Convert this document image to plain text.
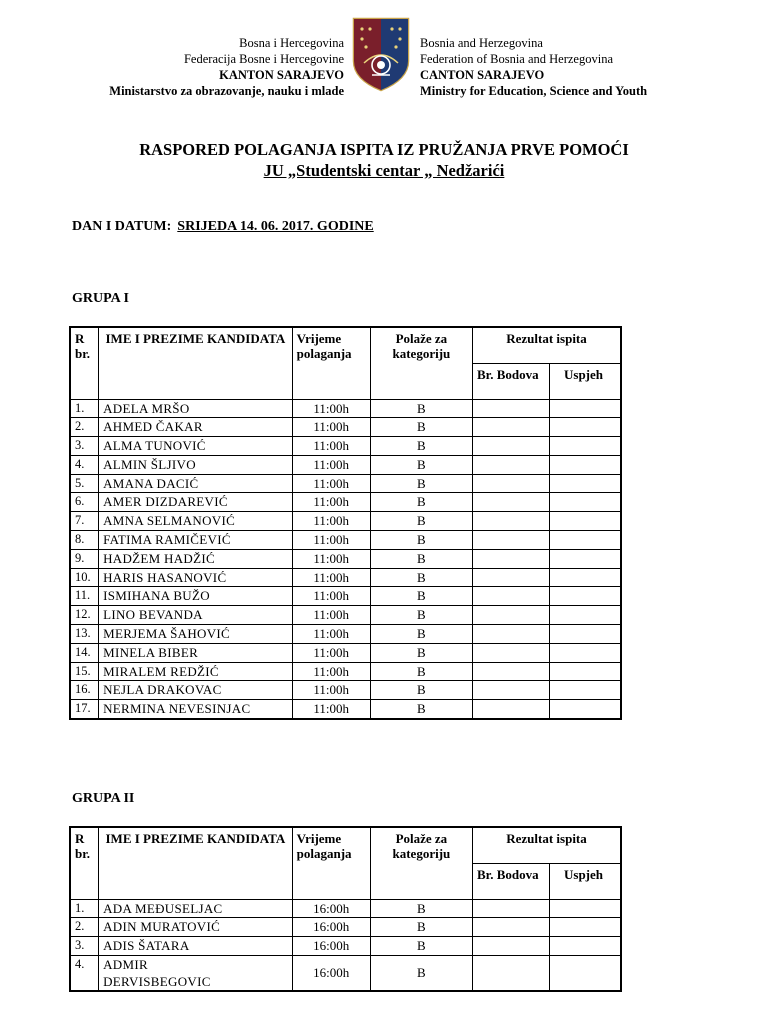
Bosna i Hercegovina
Federacija Bosne i Hercegovine
KANTON SARAJEVO
Ministarstvo za obrazovanje, nauku i mlade
Bosnia and Herzegovina
Federation of Bosnia and Herzegovina
CANTON SARAJEVO
Ministry for Education, Science and Youth
RASPORED POLAGANJA ISPITA IZ PRUŽANJA PRVE POMOĆI
JU „Studentski centar „ Nedžarići
DAN I DATUM: SRIJEDA 14. 06. 2017. GODINE
GRUPA I
R br.	IME I PREZIME KANDIDATA	Vrijeme polaganja	Polaže za kategoriju	Rezultat ispita	
				Br. Bodova	Uspjeh
1.	ADELA MRŠO	11:00h	B		
2.	AHMED ČAKAR	11:00h	B		
3.	ALMA TUNOVIĆ	11:00h	B		
4.	ALMIN ŠLJIVO	11:00h	B		
5.	AMANA DACIĆ	11:00h	B		
6.	AMER DIZDAREVIĆ	11:00h	B		
7.	AMNA SELMANOVIĆ	11:00h	B		
8.	FATIMA RAMIČEVIĆ	11:00h	B		
9.	HADŽEM HADŽIĆ	11:00h	B		
10.	HARIS HASANOVIĆ	11:00h	B		
11.	ISMIHANA BUŽO	11:00h	B		
12.	LINO BEVANDA	11:00h	B		
13.	MERJEMA ŠAHOVIĆ	11:00h	B		
14.	MINELA BIBER	11:00h	B		
15.	MIRALEM REDŽIĆ	11:00h	B		
16.	NEJLA DRAKOVAC	11:00h	B		
17.	NERMINA NEVESINJAC	11:00h	B		
GRUPA II
R br.	IME I PREZIME KANDIDATA	Vrijeme polaganja	Polaže za kategoriju	Rezultat ispita	
				Br. Bodova	Uspjeh
1.	ADA MEĐUSELJAC	16:00h	B		
2.	ADIN MURATOVIĆ	16:00h	B		
3.	ADIS ŠATARA	16:00h	B		
4.	ADMIR DERVISBEGOVIC	16:00h	B		
